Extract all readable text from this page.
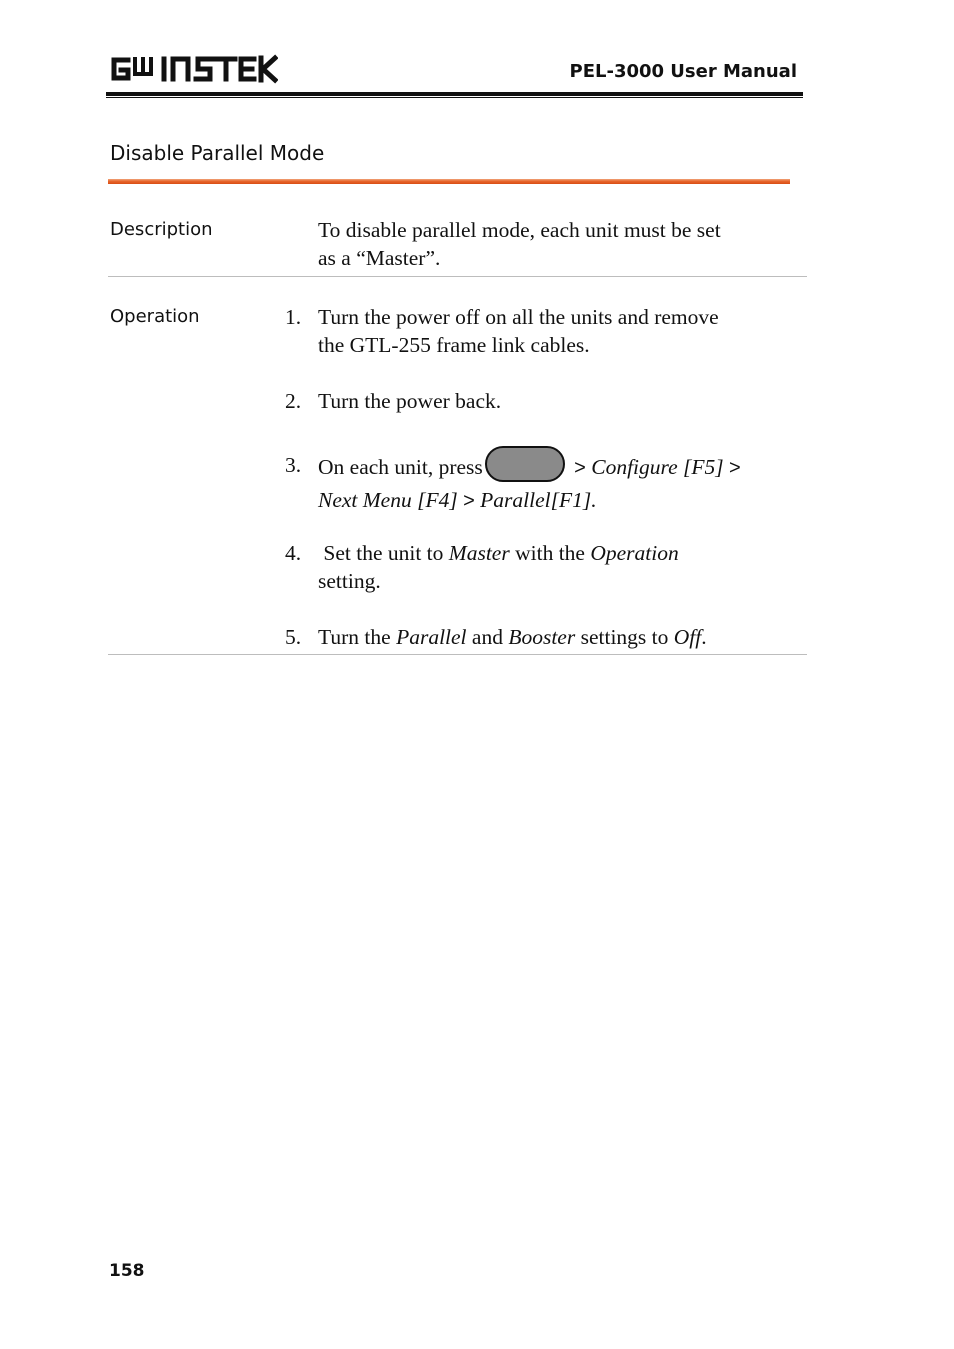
GW INSTEK
PEL-3000 User Manual
Disable Parallel Mode
Description	To disable parallel mode, each unit must be set
as a “Master”.
Operation	1. Turn the power off on all the units and remove
the GTL-255 frame link cables.
2. Turn the power back.
3. On each unit, press	> Configure [F5] >
Next Menu [F4] > Parallel[F1].
4. Set the unit to Master with the Operation
setting.
5. Turn the Parallel and Booster settings to Off.
158
